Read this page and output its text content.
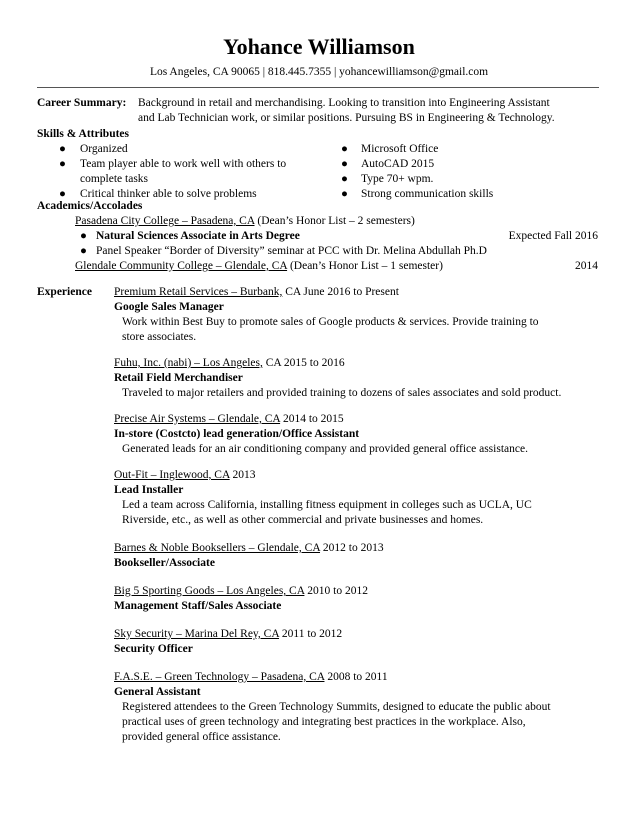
Yohance Williamson
Los Angeles, CA 90065 | 818.445.7355 | yohancewilliamson@gmail.com
Career Summary: Background in retail and merchandising. Looking to transition into Engineering Assistant
and Lab Technician work, or similar positions. Pursuing BS in Engineering & Technology.
Skills & Attributes
●	Organized
●	Team player able to work well with others to
complete tasks
●	Critical thinker able to solve problems
●	Microsoft Office
●	AutoCAD 2015
●	Type 70+ wpm.
●	Strong communication skills
Academics/Accolades
Pasadena City College – Pasadena, CA (Dean’s Honor List – 2 semesters)
● Natural Sciences Associate in Arts Degree	Expected Fall 2016
● Panel Speaker “Border of Diversity” seminar at PCC with Dr. Melina Abdullah Ph.D
Glendale Community College – Glendale, CA (Dean’s Honor List – 1 semester)	2014
Experience Premium Retail Services – Burbank, CA June 2016 to Present
Google Sales Manager
Work within Best Buy to promote sales of Google products & services. Provide training to
store associates.
Fuhu, Inc. (nabi) – Los Angeles, CA 2015 to 2016
Retail Field Merchandiser
Traveled to major retailers and provided training to dozens of sales associates and sold product.
Precise Air Systems – Glendale, CA 2014 to 2015
In-store (Costcto) lead generation/Office Assistant
Generated leads for an air conditioning company and provided general office assistance.
Out-Fit – Inglewood, CA 2013
Lead Installer
Led a team across California, installing fitness equipment in colleges such as UCLA, UC
Riverside, etc., as well as other commercial and private businesses and homes.
Barnes & Noble Booksellers – Glendale, CA 2012 to 2013
Bookseller/Associate
Big 5 Sporting Goods – Los Angeles, CA 2010 to 2012
Management Staff/Sales Associate
Sky Security – Marina Del Rey, CA 2011 to 2012
Security Officer
F.A.S.E. – Green Technology – Pasadena, CA 2008 to 2011
General Assistant
Registered attendees to the Green Technology Summits, designed to educate the public about
practical uses of green technology and integrating best practices in the workplace. Also,
provided general office assistance.
